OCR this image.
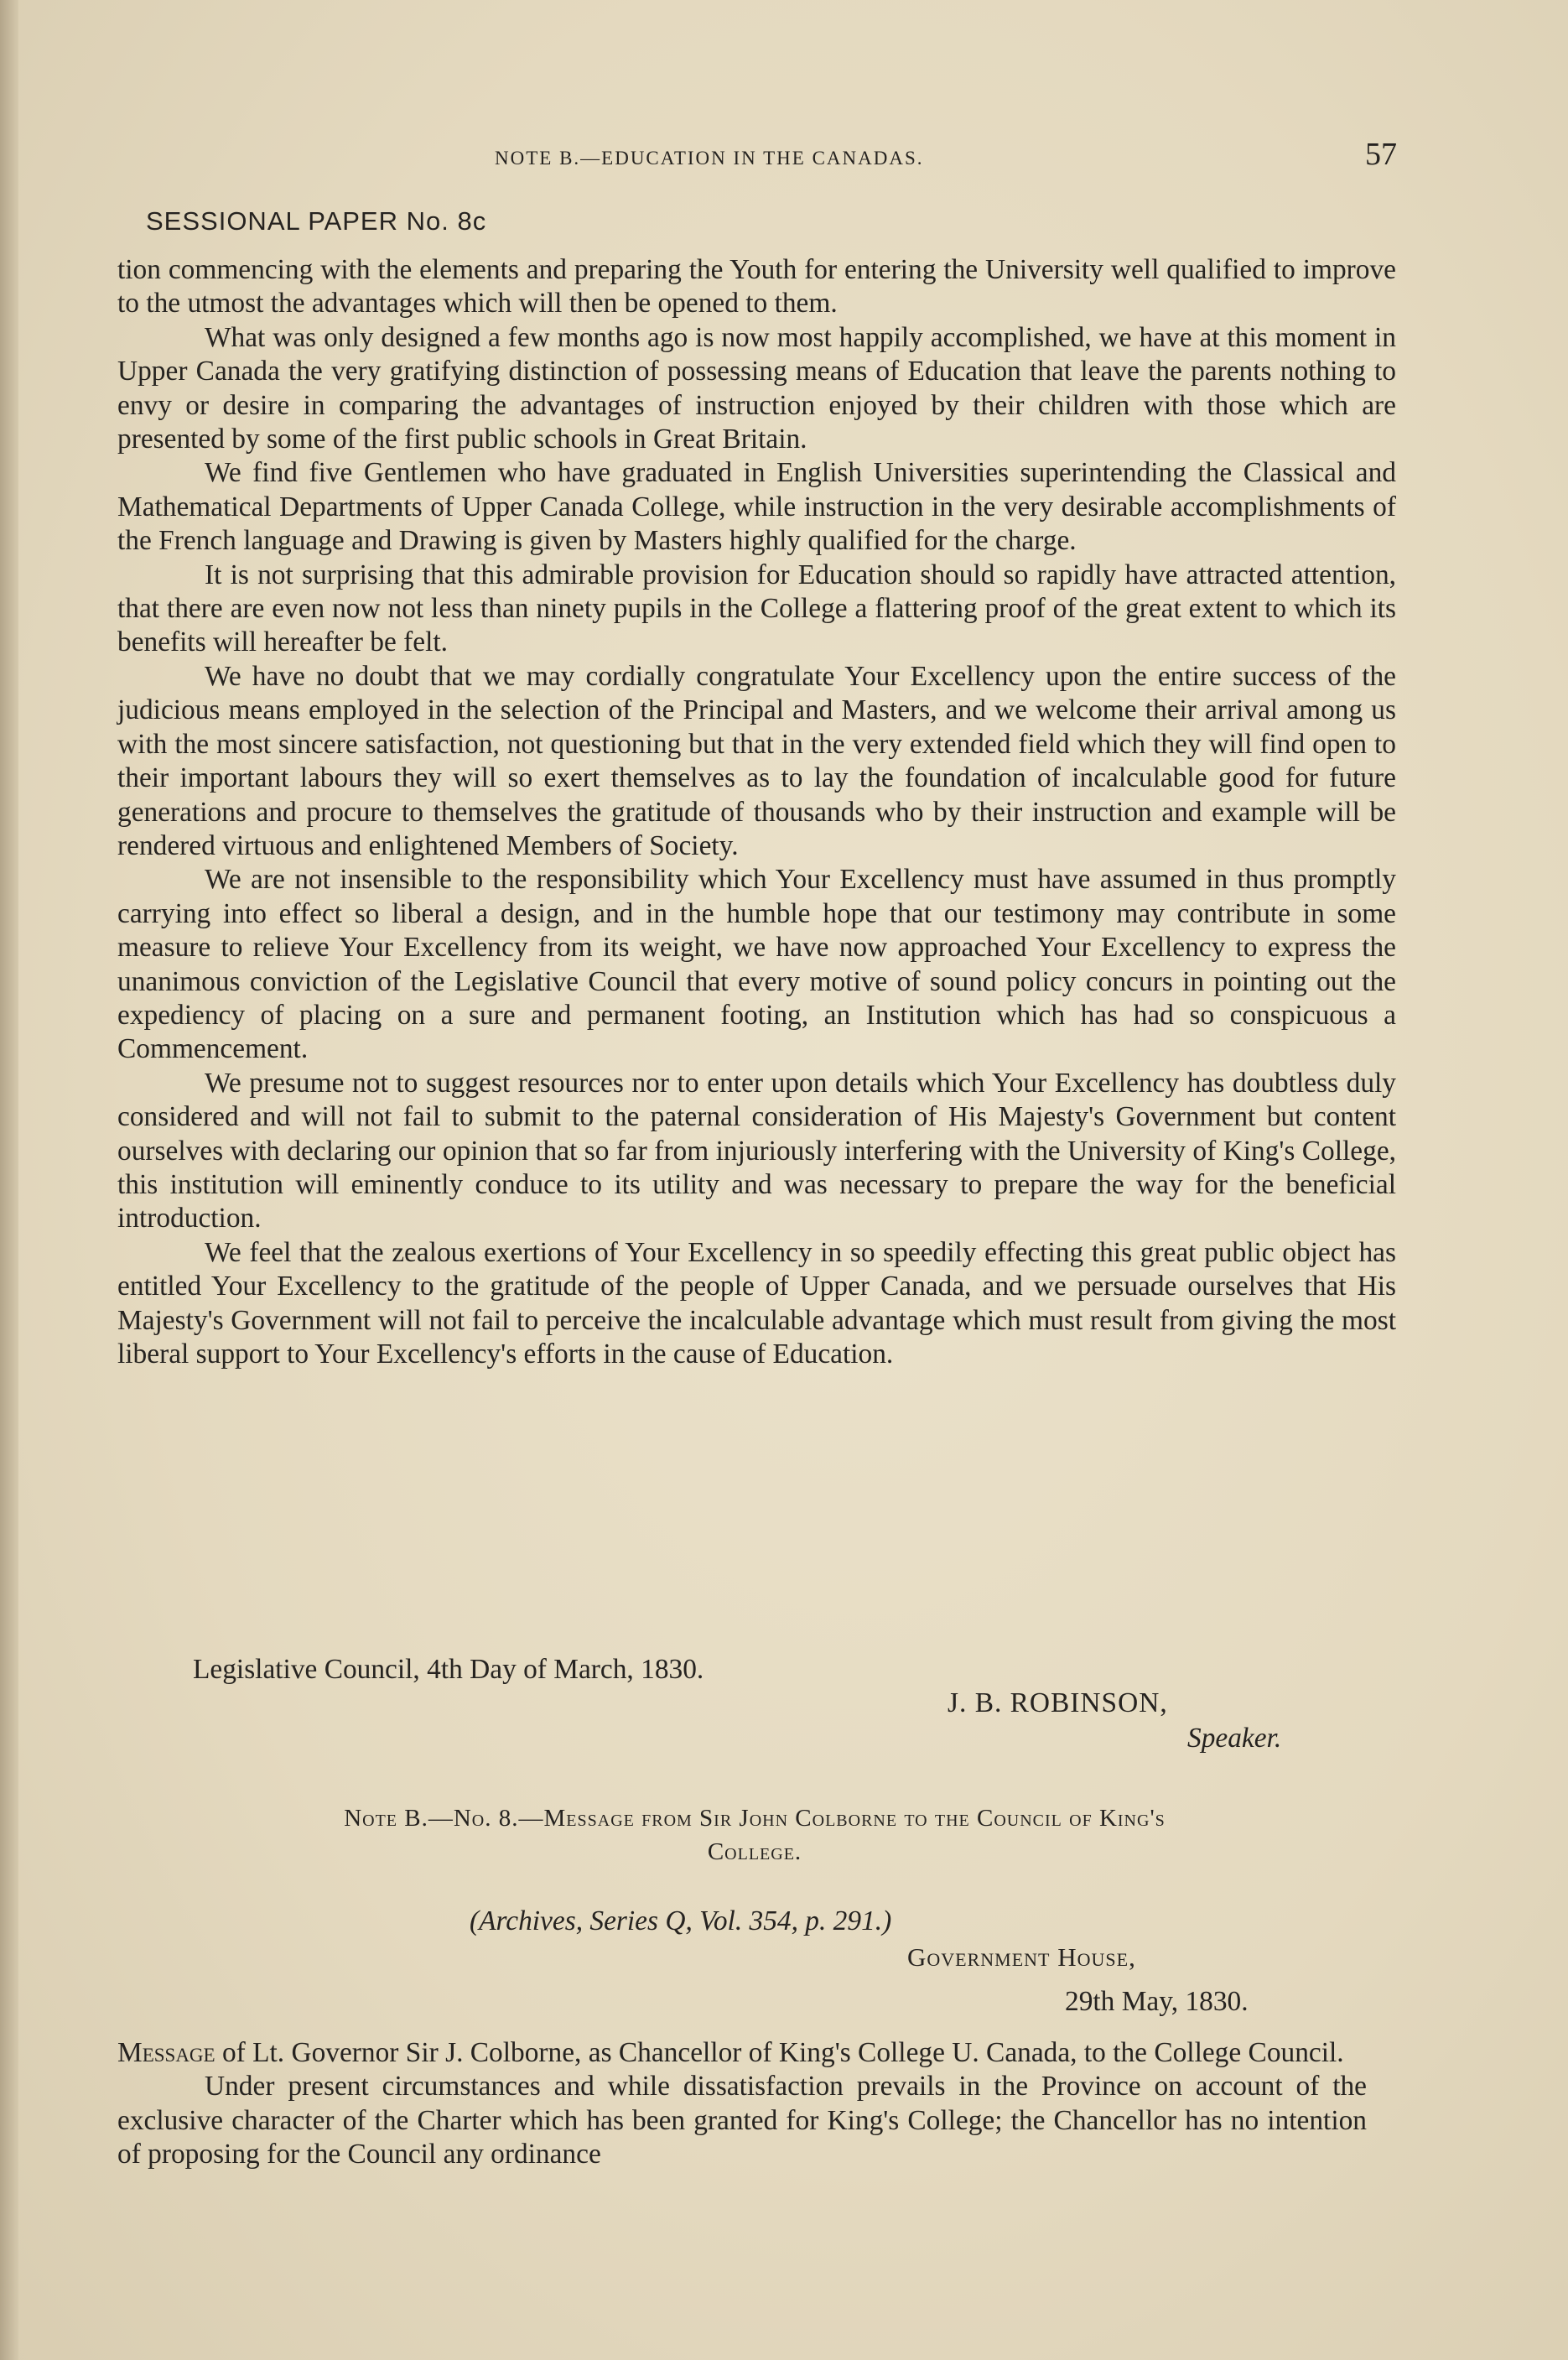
NOTE B.—EDUCATION IN THE CANADAS.	57
SESSIONAL PAPER No. 8c

tion commencing with the elements and preparing the Youth for entering the University well qualified to improve to the utmost the advantages which will then be opened to them.

What was only designed a few months ago is now most happily accomplished, we have at this moment in Upper Canada the very gratifying distinction of possessing means of Education that leave the parents nothing to envy or desire in comparing the advantages of instruction enjoyed by their children with those which are presented by some of the first public schools in Great Britain.

We find five Gentlemen who have graduated in English Universities superintending the Classical and Mathematical Departments of Upper Canada College, while instruction in the very desirable accomplishments of the French language and Drawing is given by Masters highly qualified for the charge.

It is not surprising that this admirable provision for Education should so rapidly have attracted attention, that there are even now not less than ninety pupils in the College a flattering proof of the great extent to which its benefits will hereafter be felt.

We have no doubt that we may cordially congratulate Your Excellency upon the entire success of the judicious means employed in the selection of the Principal and Masters, and we welcome their arrival among us with the most sincere satisfaction, not questioning but that in the very extended field which they will find open to their important labours they will so exert themselves as to lay the foundation of incalculable good for future generations and procure to themselves the gratitude of thousands who by their instruction and example will be rendered virtuous and enlightened Members of Society.

We are not insensible to the responsibility which Your Excellency must have assumed in thus promptly carrying into effect so liberal a design, and in the humble hope that our testimony may contribute in some measure to relieve Your Excellency from its weight, we have now approached Your Excellency to express the unanimous conviction of the Legislative Council that every motive of sound policy concurs in pointing out the expediency of placing on a sure and permanent footing, an Institution which has had so conspicuous a Commencement.

We presume not to suggest resources nor to enter upon details which Your Excellency has doubtless duly considered and will not fail to submit to the paternal consideration of His Majesty's Government but content ourselves with declaring our opinion that so far from injuriously interfering with the University of King's College, this institution will eminently conduce to its utility and was necessary to prepare the way for the beneficial introduction.

We feel that the zealous exertions of Your Excellency in so speedily effecting this great public object has entitled Your Excellency to the gratitude of the people of Upper Canada, and we persuade ourselves that His Majesty's Government will not fail to perceive the incalculable advantage which must result from giving the most liberal support to Your Excellency's efforts in the cause of Education.

Legislative Council, 4th Day of March, 1830.
J. B. ROBINSON,
Speaker.
Note B.—No. 8.—Message from Sir John Colborne to the Council of King's
College.
(Archives, Series Q, Vol. 354, p. 291.)
Government House,
29th May, 1830.

Message of Lt. Governor Sir J. Colborne, as Chancellor of King's College U. Canada, to the College Council.

Under present circumstances and while dissatisfaction prevails in the Province on account of the exclusive character of the Charter which has been granted for King's College; the Chancellor has no intention of proposing for the Council any ordinance
